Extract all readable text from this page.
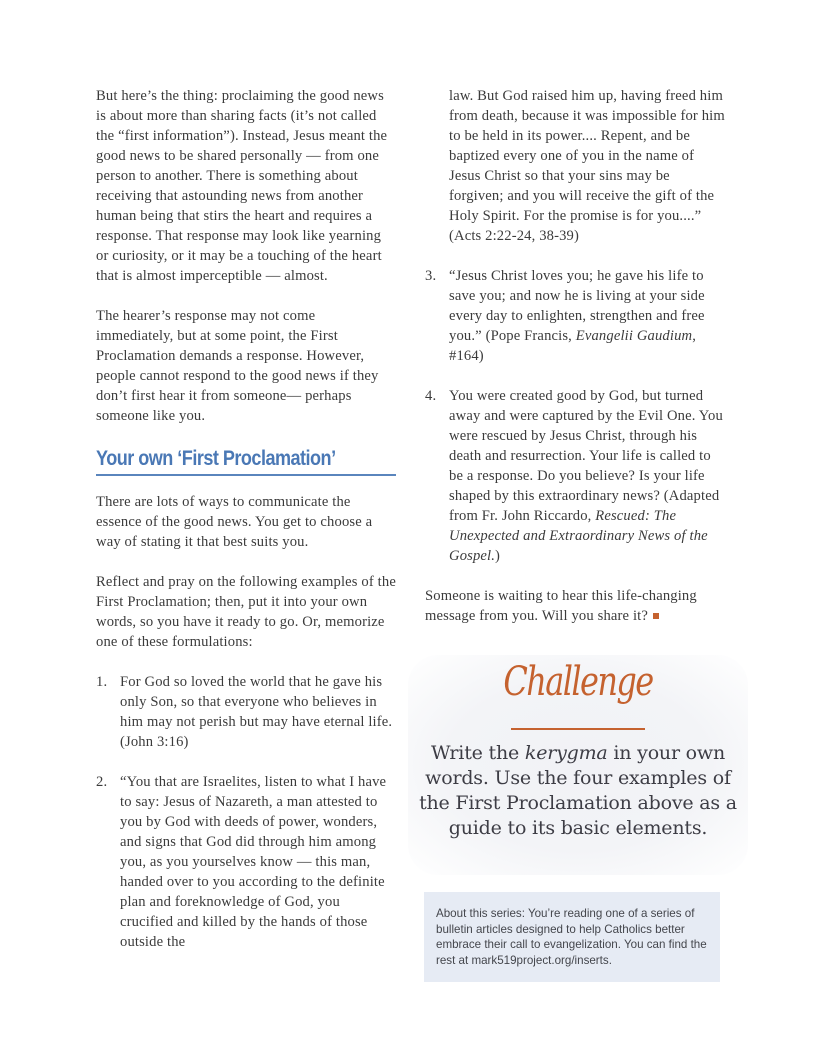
But here’s the thing: proclaiming the good news is about more than sharing facts (it’s not called the “first information”). Instead, Jesus meant the good news to be shared personally — from one person to another. There is something about receiving that astounding news from another human being that stirs the heart and requires a response. That response may look like yearning or curiosity, or it may be a touching of the heart that is almost imperceptible — almost.

The hearer’s response may not come immediately, but at some point, the First Proclamation demands a response. However, people cannot respond to the good news if they don’t first hear it from someone— perhaps someone like you.

Your own ‘First Proclamation’

There are lots of ways to communicate the essence of the good news. You get to choose a way of stating it that best suits you.

Reflect and pray on the following examples of the First Proclamation; then, put it into your own words, so you have it ready to go. Or, memorize one of these formulations:

1. For God so loved the world that he gave his only Son, so that everyone who believes in him may not perish but may have eternal life. (John 3:16)
2. “You that are Israelites, listen to what I have to say: Jesus of Nazareth, a man attested to you by God with deeds of power, wonders, and signs that God did through him among you, as you yourselves know — this man, handed over to you according to the definite plan and foreknowledge of God, you crucified and killed by the hands of those outside the
law. But God raised him up, having freed him from death, because it was impossible for him to be held in its power.... Repent, and be baptized every one of you in the name of Jesus Christ so that your sins may be forgiven; and you will receive the gift of the Holy Spirit. For the promise is for you....” (Acts 2:22-24, 38-39)
3. “Jesus Christ loves you; he gave his life to save you; and now he is living at your side every day to enlighten, strengthen and free you.” (Pope Francis, Evangelii Gaudium, #164)
4. You were created good by God, but turned away and were captured by the Evil One. You were rescued by Jesus Christ, through his death and resurrection. Your life is called to be a response. Do you believe? Is your life shaped by this extraordinary news? (Adapted from Fr. John Riccardo, Rescued: The Unexpected and Extraordinary News of the Gospel.)

Someone is waiting to hear this life-changing message from you. Will you share it?

Challenge
Write the kerygma in your own words. Use the four examples of the First Proclamation above as a guide to its basic elements.

About this series: You’re reading one of a series of bulletin articles designed to help Catholics better embrace their call to evangelization. You can find the rest at mark519project.org/inserts.
